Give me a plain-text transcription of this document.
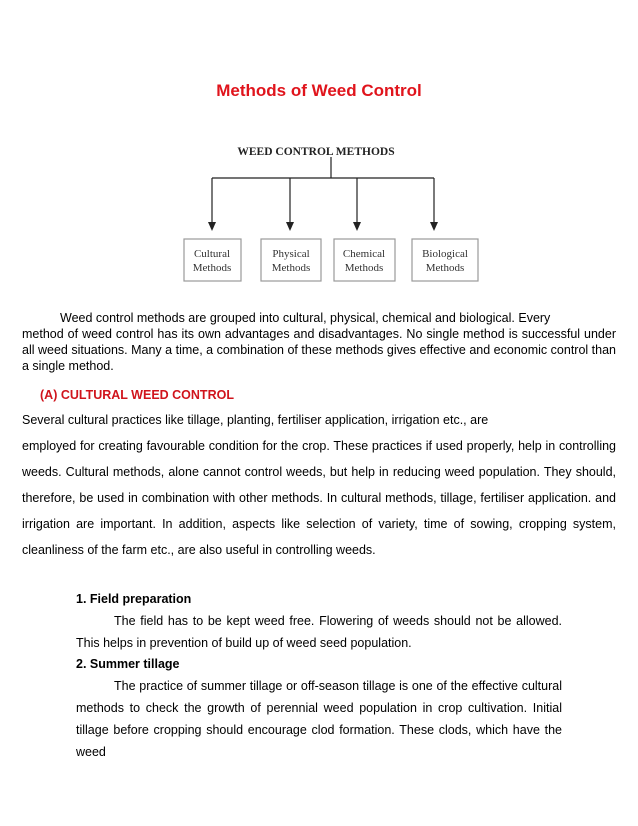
Methods of Weed Control
WEED CONTROL METHODS
Cultural
Methods
Physical
Methods
Chemical
Methods
Biological
Methods
Weed control methods are grouped into cultural, physical, chemical and biological. Every
method of weed control has its own advantages and disadvantages. No single method is successful under
all weed situations. Many a time, a combination of these methods gives effective and economic control than
a single method.
(A) CULTURAL WEED CONTROL
Several cultural practices like tillage, planting, fertiliser application, irrigation etc., are
employed for creating favourable condition for the crop. These practices if used properly, help in controlling
weeds. Cultural methods, alone cannot control weeds, but help in reducing weed population. They should,
therefore, be used in combination with other methods. In cultural methods, tillage, fertiliser application. and
irrigation are important. In addition, aspects like selection of variety, time of sowing, cropping system,
cleanliness of the farm etc., are also useful in controlling weeds.
1. Field preparation
The field has to be kept weed free. Flowering of weeds should not be allowed.
This helps in prevention of build up of weed seed population.
2. Summer tillage
The practice of summer tillage or off-season tillage is one of the effective cultural
methods to check the growth of perennial weed population in crop cultivation. Initial
tillage before cropping should encourage clod formation. These clods, which have the
weed
